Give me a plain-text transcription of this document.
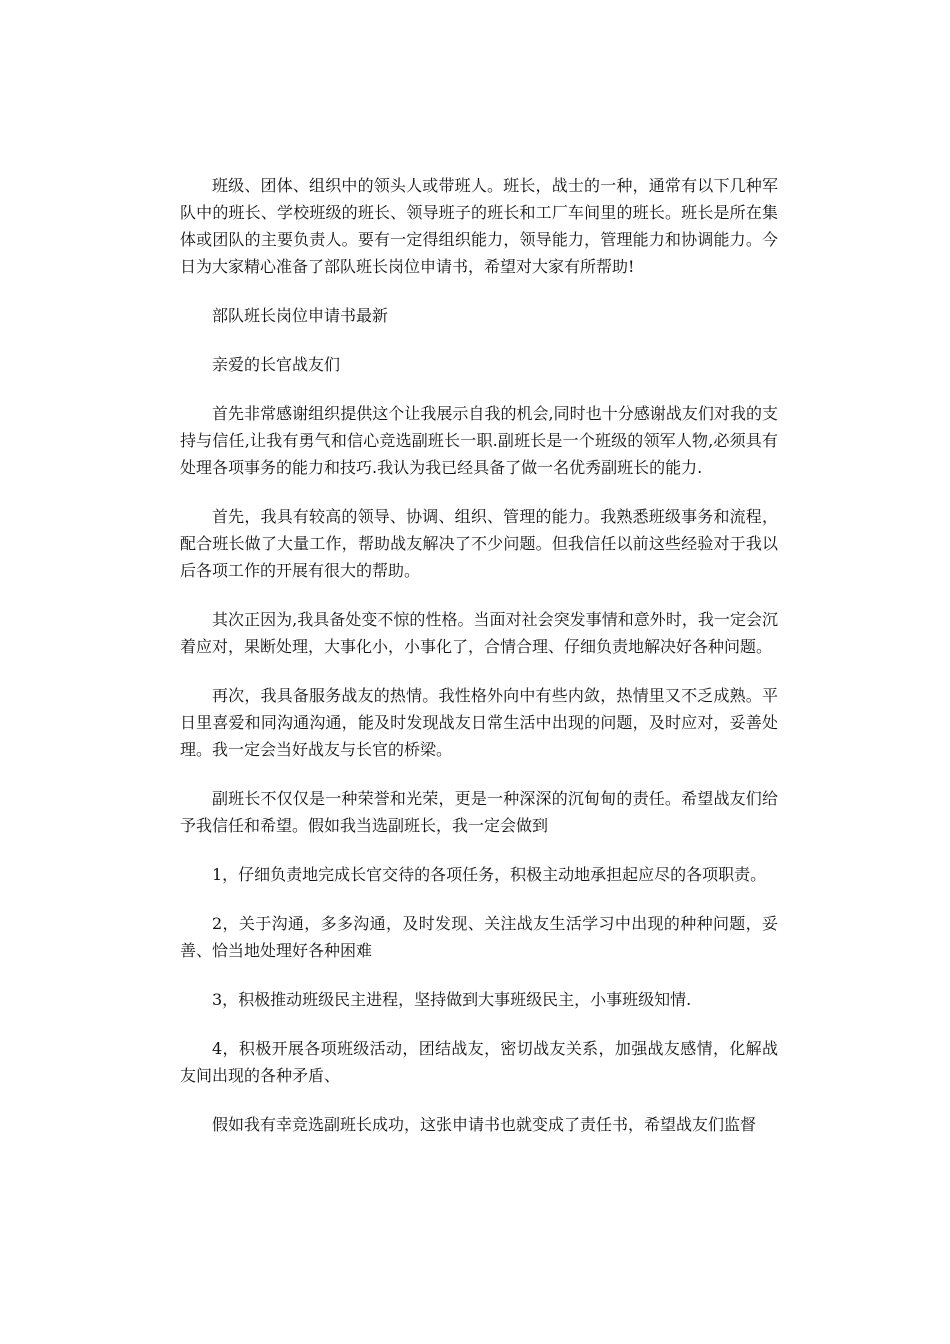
班级、团体、组织中的领头人或带班人。班长，战士的一种，通常有以下几种军队中的班长、学校班级的班长、领导班子的班长和工厂车间里的班长。班长是所在集体或团队的主要负责人。要有一定得组织能力，领导能力，管理能力和协调能力。今日为大家精心准备了部队班长岗位申请书，希望对大家有所帮助!

部队班长岗位申请书最新

亲爱的长官战友们

首先非常感谢组织提供这个让我展示自我的机会,同时也十分感谢战友们对我的支持与信任,让我有勇气和信心竞选副班长一职.副班长是一个班级的领军人物,必须具有处理各项事务的能力和技巧.我认为我已经具备了做一名优秀副班长的能力.

首先，我具有较高的领导、协调、组织、管理的能力。我熟悉班级事务和流程，配合班长做了大量工作，帮助战友解决了不少问题。但我信任以前这些经验对于我以后各项工作的开展有很大的帮助。

其次正因为,我具备处变不惊的性格。当面对社会突发事情和意外时，我一定会沉着应对，果断处理，大事化小，小事化了，合情合理、仔细负责地解决好各种问题。

再次，我具备服务战友的热情。我性格外向中有些内敛，热情里又不乏成熟。平日里喜爱和同沟通沟通，能及时发现战友日常生活中出现的问题，及时应对，妥善处理。我一定会当好战友与长官的桥梁。

副班长不仅仅是一种荣誉和光荣，更是一种深深的沉甸甸的责任。希望战友们给予我信任和希望。假如我当选副班长，我一定会做到

1，仔细负责地完成长官交待的各项任务，积极主动地承担起应尽的各项职责。

2，关于沟通，多多沟通，及时发现、关注战友生活学习中出现的种种问题，妥善、恰当地处理好各种困难

3，积极推动班级民主进程，坚持做到大事班级民主，小事班级知情.

4，积极开展各项班级活动，团结战友，密切战友关系，加强战友感情，化解战友间出现的各种矛盾、

假如我有幸竞选副班长成功，这张申请书也就变成了责任书，希望战友们监督
